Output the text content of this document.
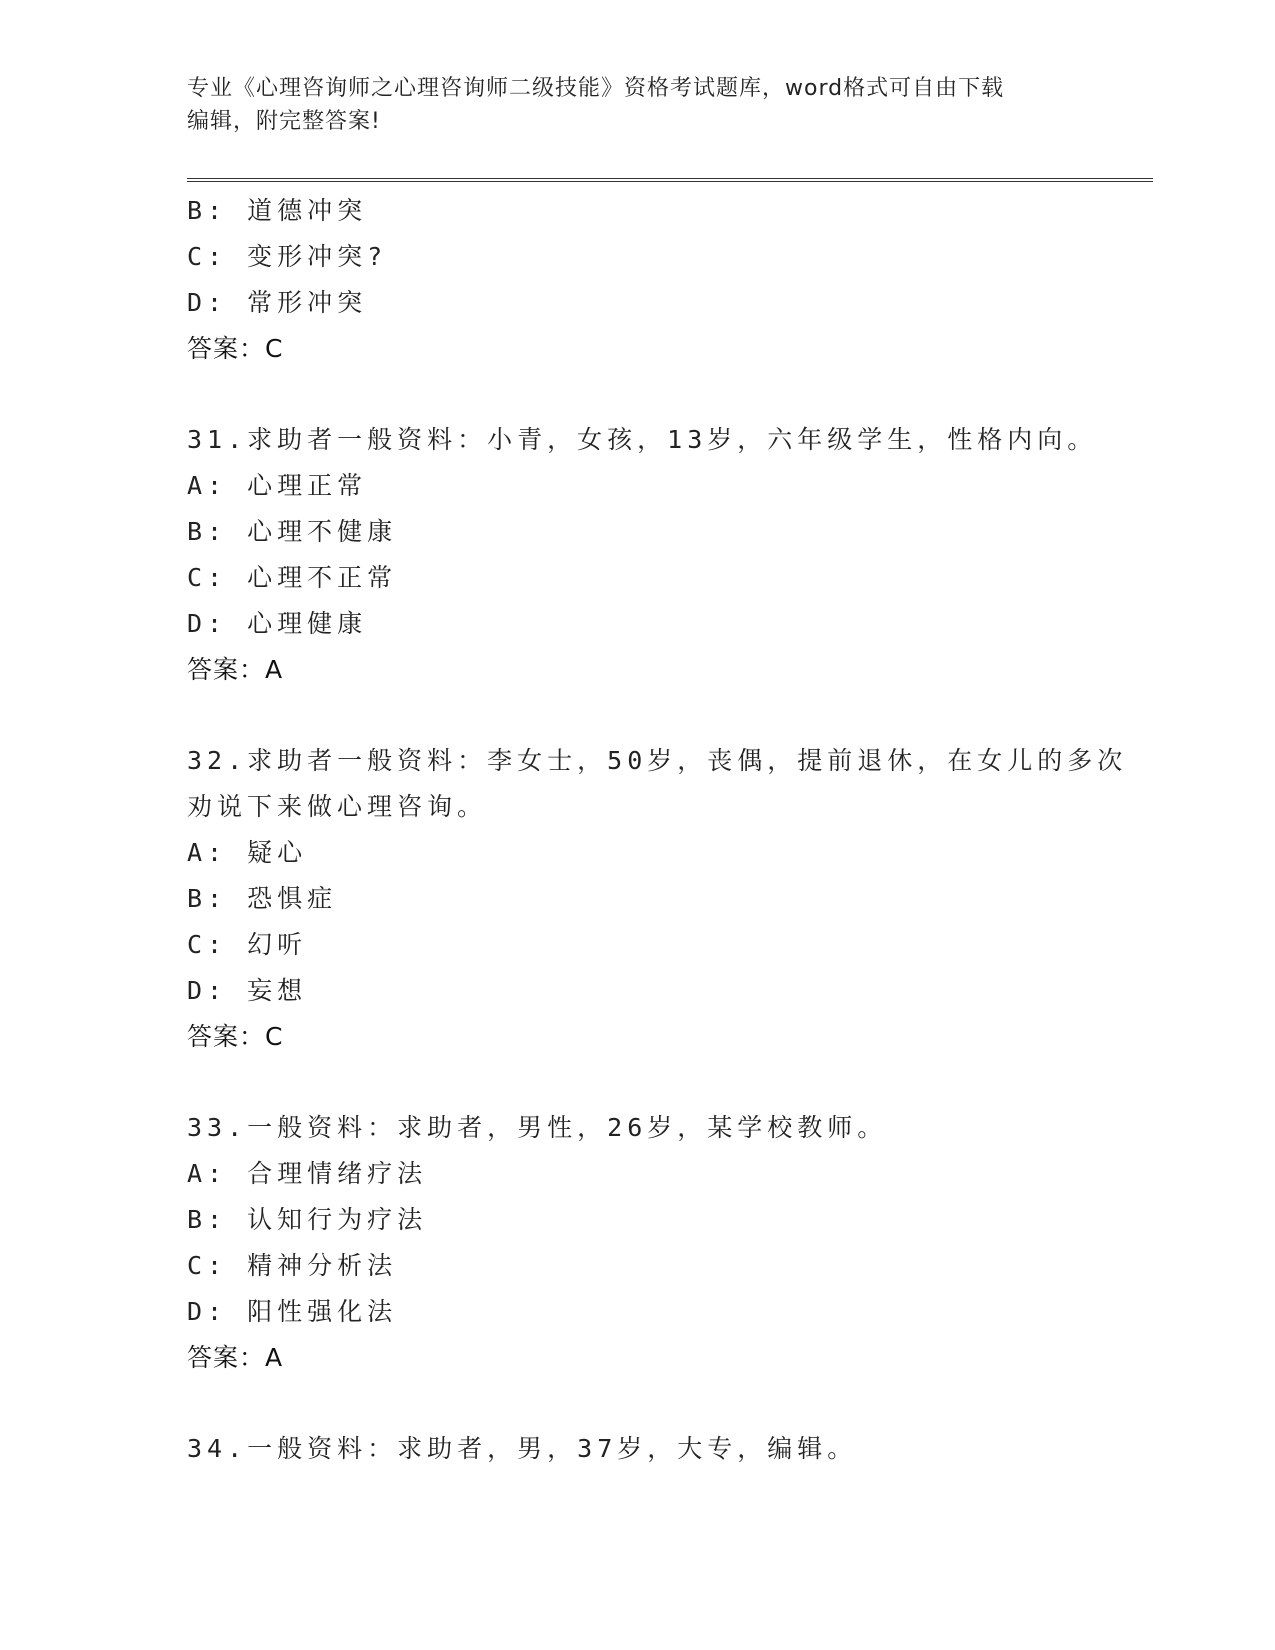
专业《心理咨询师之心理咨询师二级技能》资格考试题库，word格式可自由下载
编辑，附完整答案!
B: 道德冲突
C: 变形冲突?
D: 常形冲突
答案：C
31.求助者一般资料：小青，女孩，13岁，六年级学生，性格内向。
A: 心理正常
B: 心理不健康
C: 心理不正常
D: 心理健康
答案：A
32.求助者一般资料：李女士，50岁，丧偶，提前退休，在女儿的多次
劝说下来做心理咨询。
A: 疑心
B: 恐惧症
C: 幻听
D: 妄想
答案：C
33.一般资料：求助者，男性，26岁，某学校教师。
A: 合理情绪疗法
B: 认知行为疗法
C: 精神分析法
D: 阳性强化法
答案：A
34.一般资料：求助者，男，37岁，大专，编辑。
